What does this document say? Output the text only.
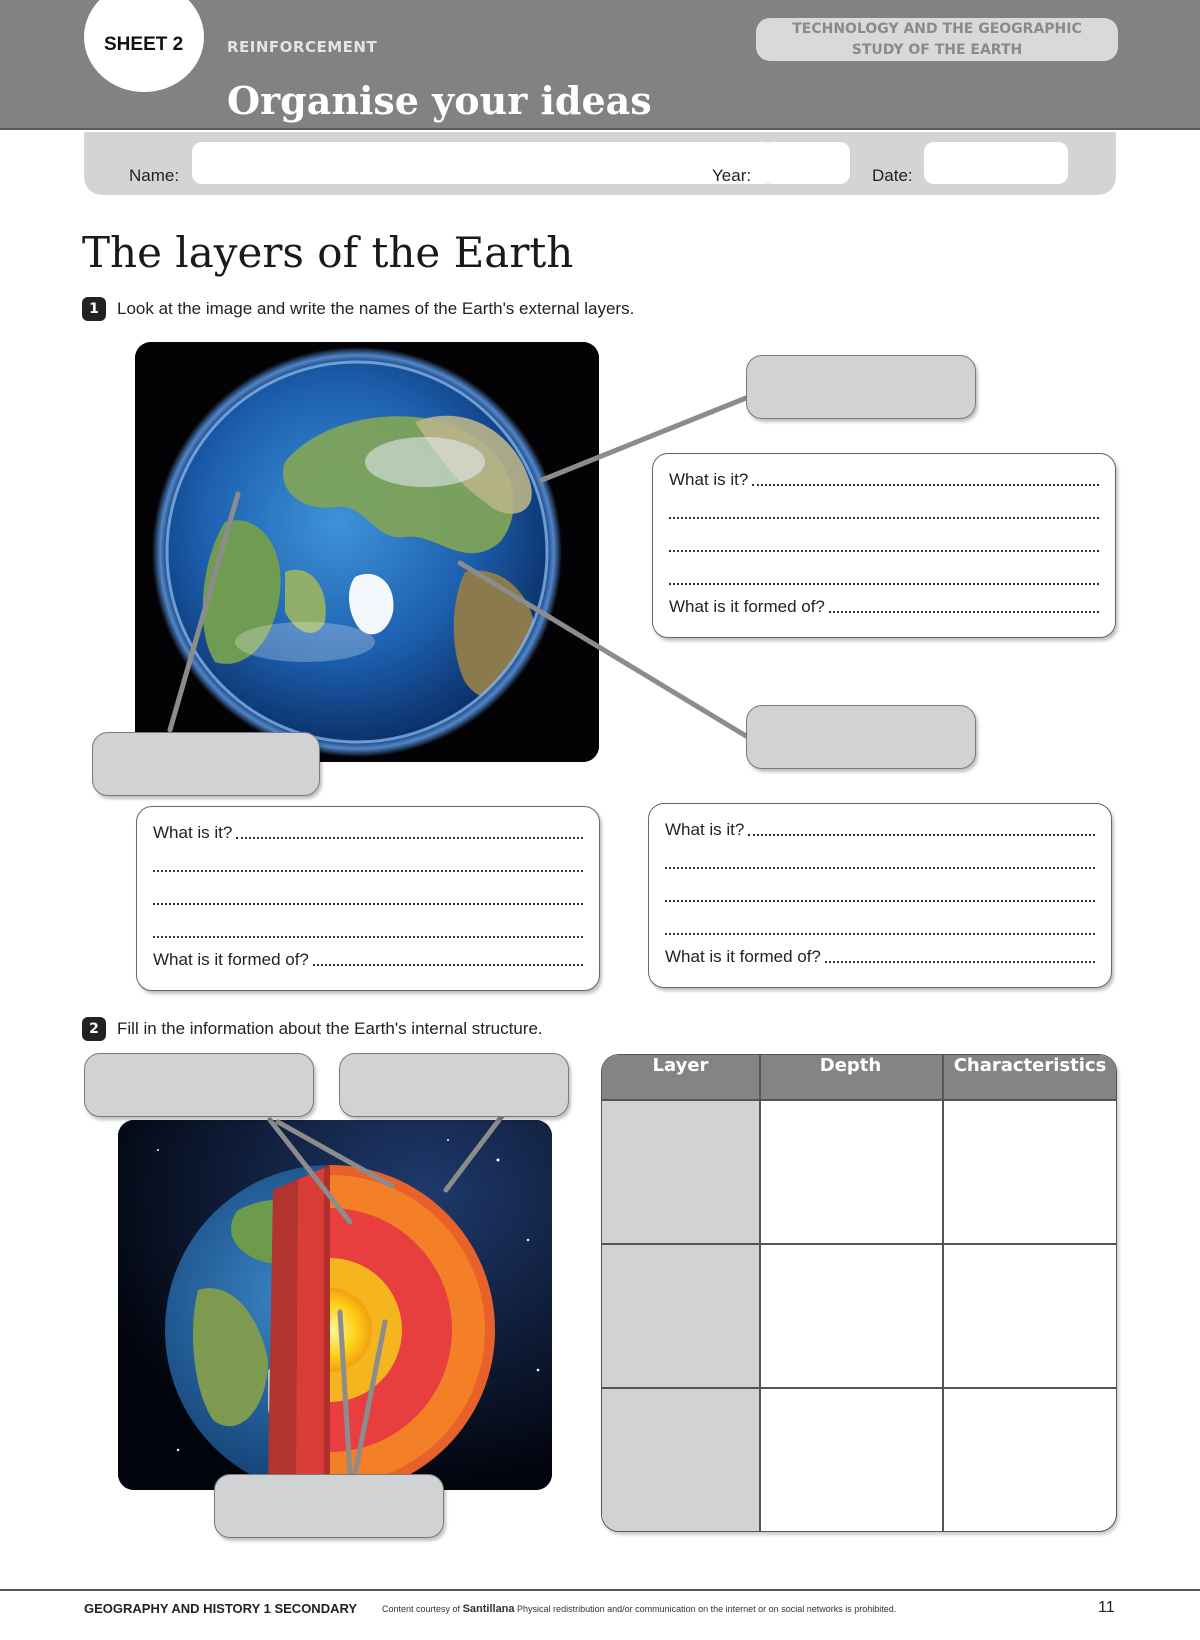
SHEET 2	REINFORCEMENT
Organise your ideas
TECHNOLOGY AND THE GEOGRAPHIC
STUDY OF THE EARTH
Name:	Year:	Date:
The layers of the Earth
1	Look at the image and write the names of the Earth's external layers.
What is it?
What is it formed of?
What is it?
What is it formed of?
What is it?
What is it formed of?
2	Fill in the information about the Earth's internal structure.
Layer	Depth	Characteristics
GEOGRAPHY AND HISTORY 1 SECONDARY	Content courtesy of Santillana Physical redistribution and/or communication on the internet or on social networks is prohibited.	11
